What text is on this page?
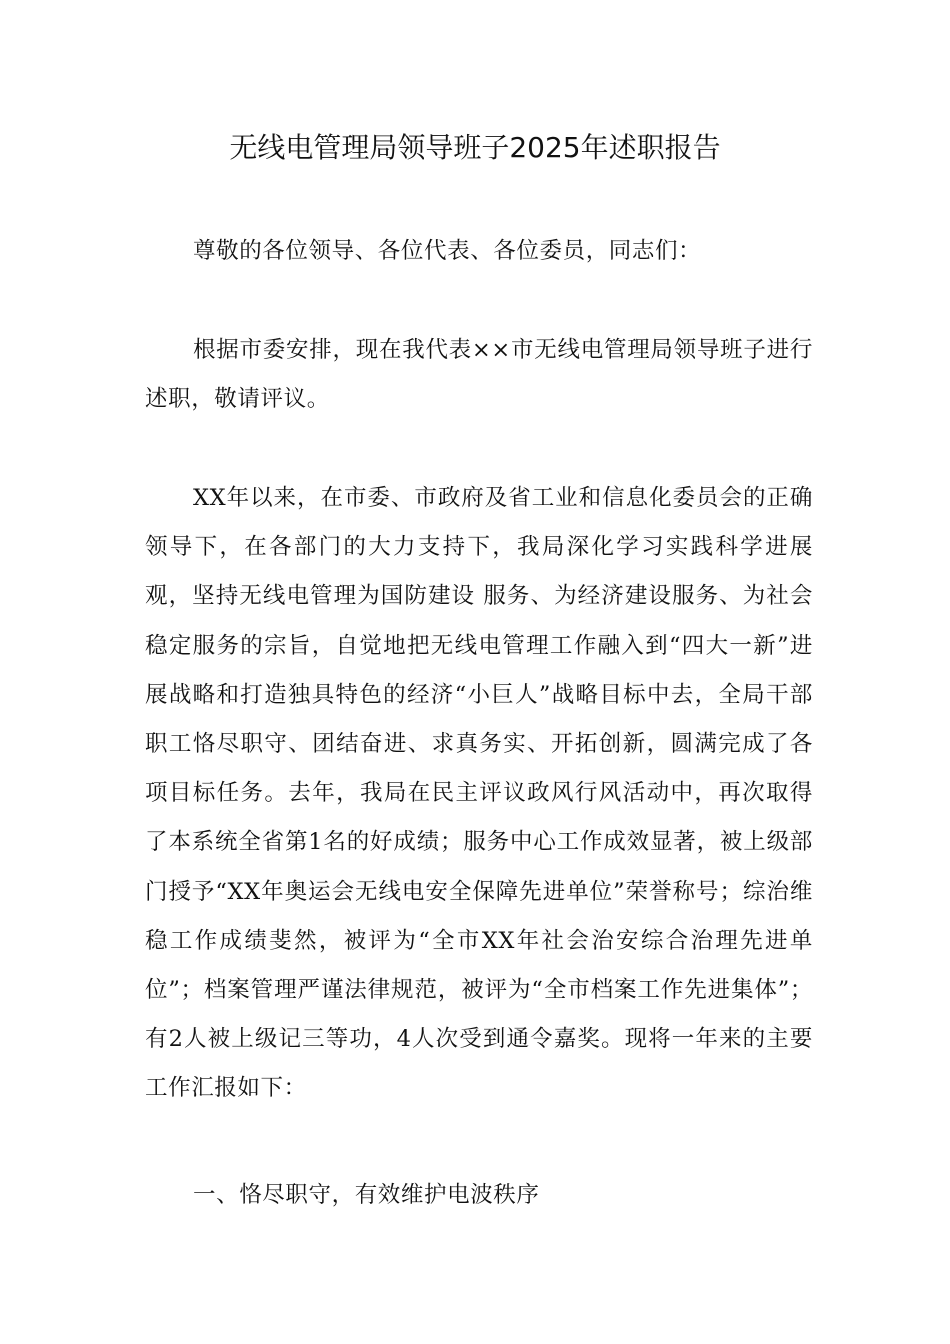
无线电管理局领导班子2025年述职报告

尊敬的各位领导、各位代表、各位委员，同志们：

根据市委安排，现在我代表××市无线电管理局领导班子进行述职，敬请评议。

XX年以来，在市委、市政府及省工业和信息化委员会的正确领导下，在各部门的大力支持下，我局深化学习实践科学进展观，坚持无线电管理为国防建设 服务、为经济建设服务、为社会稳定服务的宗旨，自觉地把无线电管理工作融入到“四大一新”进展战略和打造独具特色的经济“小巨人”战略目标中去，全局干部职工恪尽职守、团结奋进、求真务实、开拓创新，圆满完成了各项目标任务。去年，我局在民主评议政风行风活动中，再次取得了本系统全省第1名的好成绩；服务中心工作成效显著，被上级部门授予“XX年奥运会无线电安全保障先进单位”荣誉称号；综治维稳工作成绩斐然，被评为“全市XX年社会治安综合治理先进单位”；档案管理严谨法律规范，被评为“全市档案工作先进集体”；有2人被上级记三等功，4人次受到通令嘉奖。现将一年来的主要工作汇报如下：

一、恪尽职守，有效维护电波秩序
